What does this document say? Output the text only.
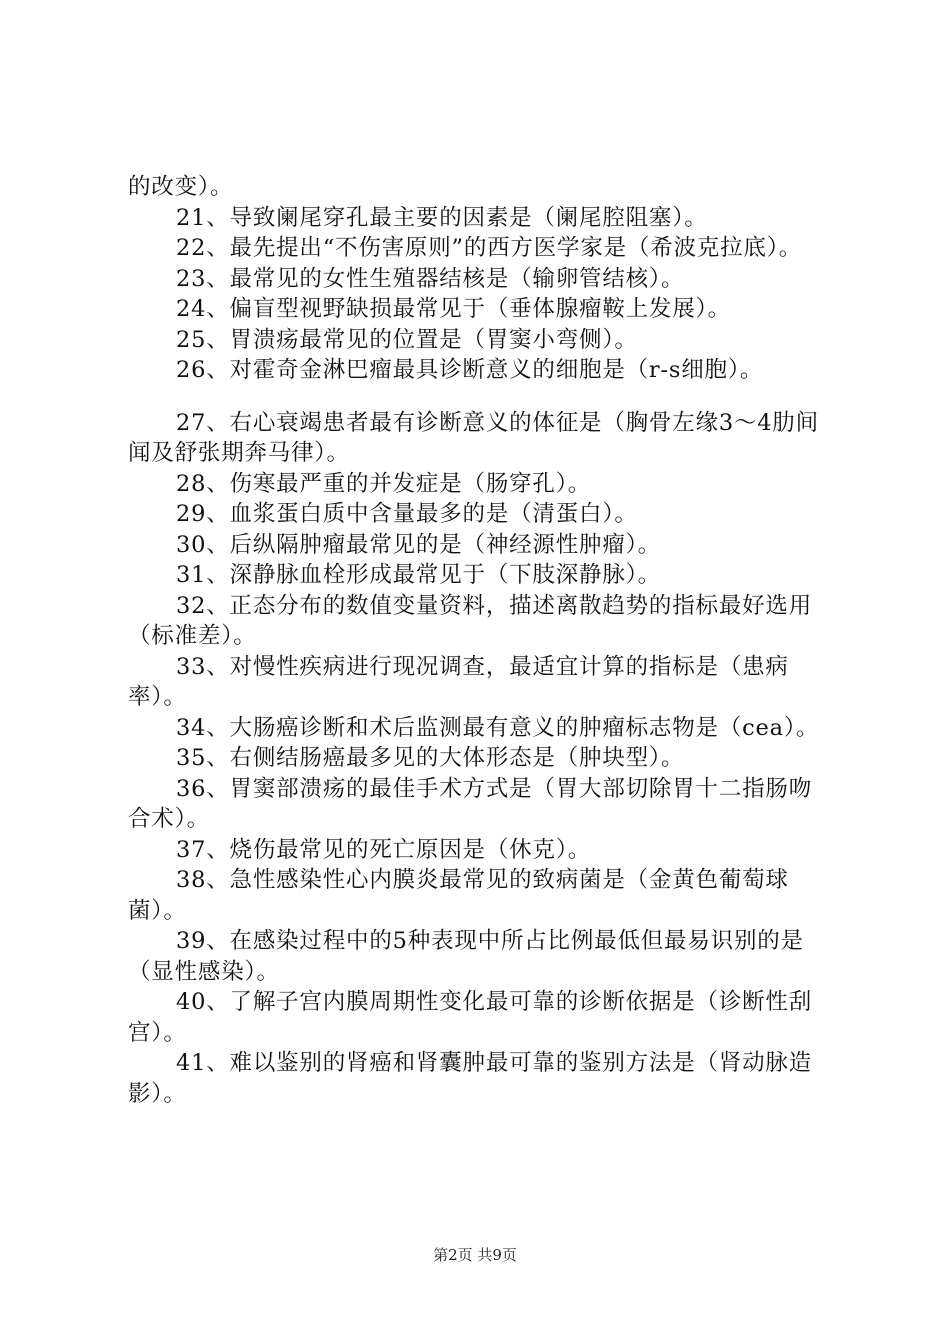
的改变）。

21、导致阑尾穿孔最主要的因素是（阑尾腔阻塞）。

22、最先提出“不伤害原则”的西方医学家是（希波克拉底）。

23、最常见的女性生殖器结核是（输卵管结核）。

24、偏盲型视野缺损最常见于（垂体腺瘤鞍上发展）。

25、胃溃疡最常见的位置是（胃窦小弯侧）。

26、对霍奇金淋巴瘤最具诊断意义的细胞是（r-s细胞）。

27、右心衰竭患者最有诊断意义的体征是（胸骨左缘3～4肋间闻及舒张期奔马律）。

28、伤寒最严重的并发症是（肠穿孔）。

29、血浆蛋白质中含量最多的是（清蛋白）。

30、后纵隔肿瘤最常见的是（神经源性肿瘤）。

31、深静脉血栓形成最常见于（下肢深静脉）。

32、正态分布的数值变量资料，描述离散趋势的指标最好选用（标准差）。

33、对慢性疾病进行现况调查，最适宜计算的指标是（患病率）。

34、大肠癌诊断和术后监测最有意义的肿瘤标志物是（cea）。

35、右侧结肠癌最多见的大体形态是（肿块型）。

36、胃窦部溃疡的最佳手术方式是（胃大部切除胃十二指肠吻合术）。

37、烧伤最常见的死亡原因是（休克）。

38、急性感染性心内膜炎最常见的致病菌是（金黄色葡萄球菌）。

39、在感染过程中的5种表现中所占比例最低但最易识别的是（显性感染）。

40、了解子宫内膜周期性变化最可靠的诊断依据是（诊断性刮宫）。

41、难以鉴别的肾癌和肾囊肿最可靠的鉴别方法是（肾动脉造影）。

第2页 共9页
